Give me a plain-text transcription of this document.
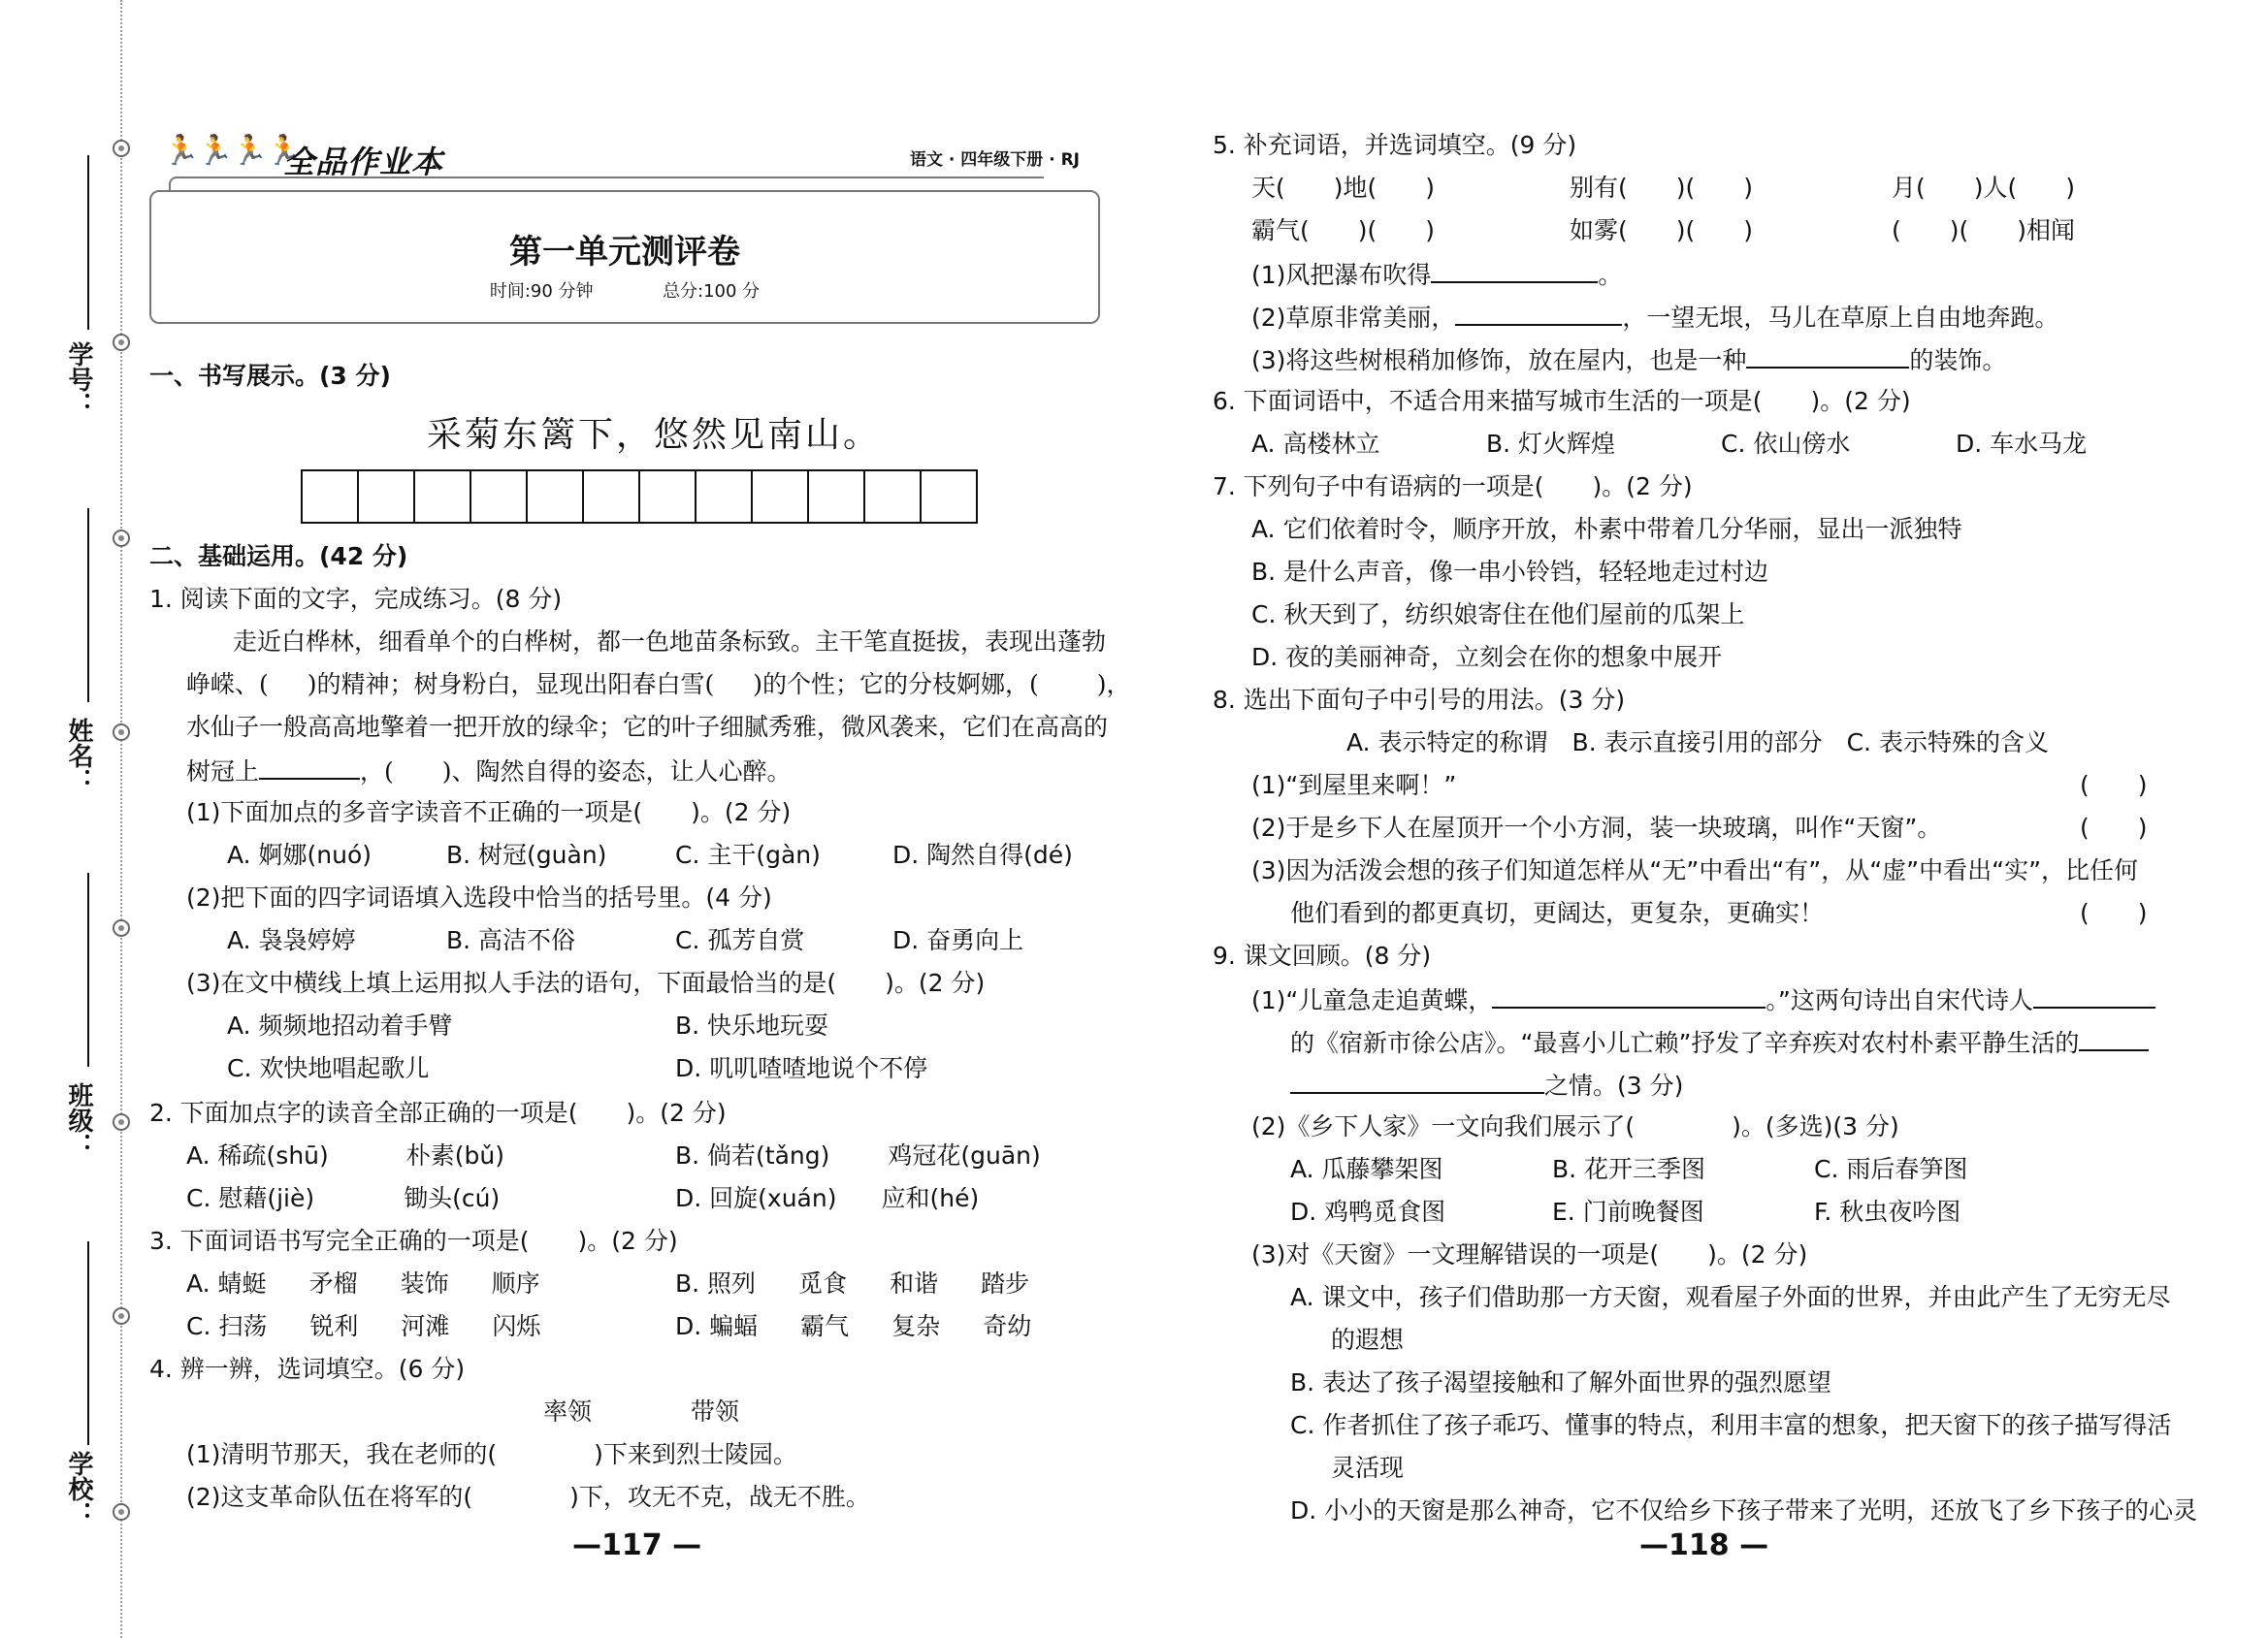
学号：
姓名：
班级：
学校：
🏃🏃🏃🏃
全品作业本	语文 · 四年级下册 · RJ
第一单元测评卷
时间:90 分钟	总分:100 分
一、书写展示。(3 分)
采菊东篱下，悠然见南山。
二、基础运用。(42 分)
1. 阅读下面的文字，完成练习。(8 分)
走近白桦林，细看单个的白桦树，都一色地苗条标致。主干笔直挺拔，表现出蓬勃
峥嵘、( )的精神；树身粉白，显现出阳春白雪( )的个性；它的分枝婀娜，( )，
水仙子一般高高地擎着一把开放的绿伞；它的叶子细腻秀雅，微风袭来，它们在高高的
树冠上	，( )、陶然自得的姿态，让人心醉。
(1)下面加点的多音字读音不正确的一项是(　　)。(2 分)
A. 婀娜(nuó)	B. 树冠(guàn)	C. 主干(gàn)	D. 陶然自得(dé)
(2)把下面的四字词语填入选段中恰当的括号里。(4 分)
A. 袅袅婷婷	B. 高洁不俗	C. 孤芳自赏	D. 奋勇向上
(3)在文中横线上填上运用拟人手法的语句，下面最恰当的是(　　)。(2 分)
A. 频频地招动着手臂	B. 快乐地玩耍
C. 欢快地唱起歌儿	D. 叽叽喳喳地说个不停
2. 下面加点字的读音全部正确的一项是(　　)。(2 分)
A. 稀疏(shū)	朴素(bǔ)	B. 倘若(tǎng) 鸡冠花(guān)
C. 慰藉(jiè)	锄头(cú)	D. 回旋(xuán) 应和(hé)
3. 下面词语书写完全正确的一项是(　　)。(2 分)
A. 蜻蜓 矛榴 装饰 顺序	B. 照列 觅食 和谐 踏步
C. 扫荡 锐利 河滩 闪烁	D. 蝙蝠 霸气 复杂 奇幼
4. 辨一辨，选词填空。(6 分)
率领	带领
(1)清明节那天，我在老师的(　　　　)下来到烈士陵园。
(2)这支革命队伍在将军的(　　　　)下，攻无不克，战无不胜。
—117 —
5. 补充词语，并选词填空。(9 分)
天(　　)地(　　)	别有(　　)(　　)	月(　　)人(　　)
霸气(　　)(　　)	如雾(　　)(　　)	(　　)(　　)相闻
(1)风把瀑布吹得	。
(2)草原非常美丽，	，一望无垠，马儿在草原上自由地奔跑。
(3)将这些树根稍加修饰，放在屋内，也是一种	的装饰。
6. 下面词语中，不适合用来描写城市生活的一项是(　　)。(2 分)
A. 高楼林立	B. 灯火辉煌	C. 依山傍水	D. 车水马龙
7. 下列句子中有语病的一项是(　　)。(2 分)
A. 它们依着时令，顺序开放，朴素中带着几分华丽，显出一派独特
B. 是什么声音，像一串小铃铛，轻轻地走过村边
C. 秋天到了，纺织娘寄住在他们屋前的瓜架上
D. 夜的美丽神奇，立刻会在你的想象中展开
8. 选出下面句子中引号的用法。(3 分)
A. 表示特定的称谓　B. 表示直接引用的部分　C. 表示特殊的含义
(1)“到屋里来啊！”	(　　)
(2)于是乡下人在屋顶开一个小方洞，装一块玻璃，叫作“天窗”。	(　　)
(3)因为活泼会想的孩子们知道怎样从“无”中看出“有”，从“虚”中看出“实”，比任何
他们看到的都更真切，更阔达，更复杂，更确实！	(　　)
9. 课文回顾。(8 分)
(1)“儿童急走追黄蝶，	。”这两句诗出自宋代诗人
的《宿新市徐公店》。“最喜小儿亡赖”抒发了辛弃疾对农村朴素平静生活的
之情。(3 分)
(2)《乡下人家》一文向我们展示了(　　　　)。(多选)(3 分)
A. 瓜藤攀架图	B. 花开三季图	C. 雨后春笋图
D. 鸡鸭觅食图	E. 门前晚餐图	F. 秋虫夜吟图
(3)对《天窗》一文理解错误的一项是(　　)。(2 分)
A. 课文中，孩子们借助那一方天窗，观看屋子外面的世界，并由此产生了无穷无尽
的遐想
B. 表达了孩子渴望接触和了解外面世界的强烈愿望
C. 作者抓住了孩子乖巧、懂事的特点，利用丰富的想象，把天窗下的孩子描写得活
灵活现
D. 小小的天窗是那么神奇，它不仅给乡下孩子带来了光明，还放飞了乡下孩子的心灵
—118 —
